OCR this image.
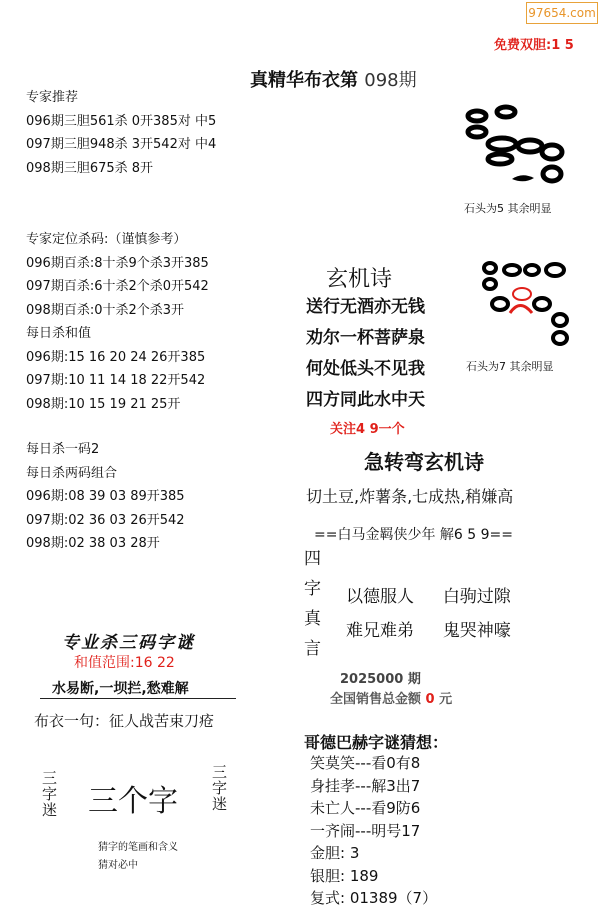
97654.com
免费双胆:1 5
真精华布衣第 098期
专家推荐
096期三胆561杀 0开385对 中5
097期三胆948杀 3开542对 中4
098期三胆675杀 8开
专家定位杀码:（谨慎参考）
096期百杀:8十杀9个杀3开385
097期百杀:6十杀2个杀0开542
098期百杀:0十杀2个杀3开
每日杀和值
096期:15 16 20 24 26开385
097期:10 11 14 18 22开542
098期:10 15 19 21 25开
每日杀一码2
每日杀两码组合
096期:08 39 03 89开385
097期:02 36 03 26开542
098期:02 38 03 28开
石头为5 其余明显
石头为7 其余明显
玄机诗
送行无酒亦无钱
劝尔一杯菩萨泉
何处低头不见我
四方同此水中天
关注4 9一个
急转弯玄机诗
切土豆,炸薯条,七成热,稍嫌高
==白马金羁侠少年 解6 5 9==
四
字
真
言
以德服人 白驹过隙
难兄难弟 鬼哭神嚎
2025000 期
全国销售总金额 0 元
专业杀三码字谜
和值范围:16 22
水易断,一坝拦,愁难解
布衣一句：征人战苦束刀疮
三
字
迷 三个字
三
字
迷
猜字的笔画和含义
猜对必中
哥德巴赫字谜猜想：
笑莫笑---看0有8
身挂孝---解3出7
未亡人---看9防6
一齐闹---明号17
金胆: 3
银胆: 189
复式: 01389（7）
